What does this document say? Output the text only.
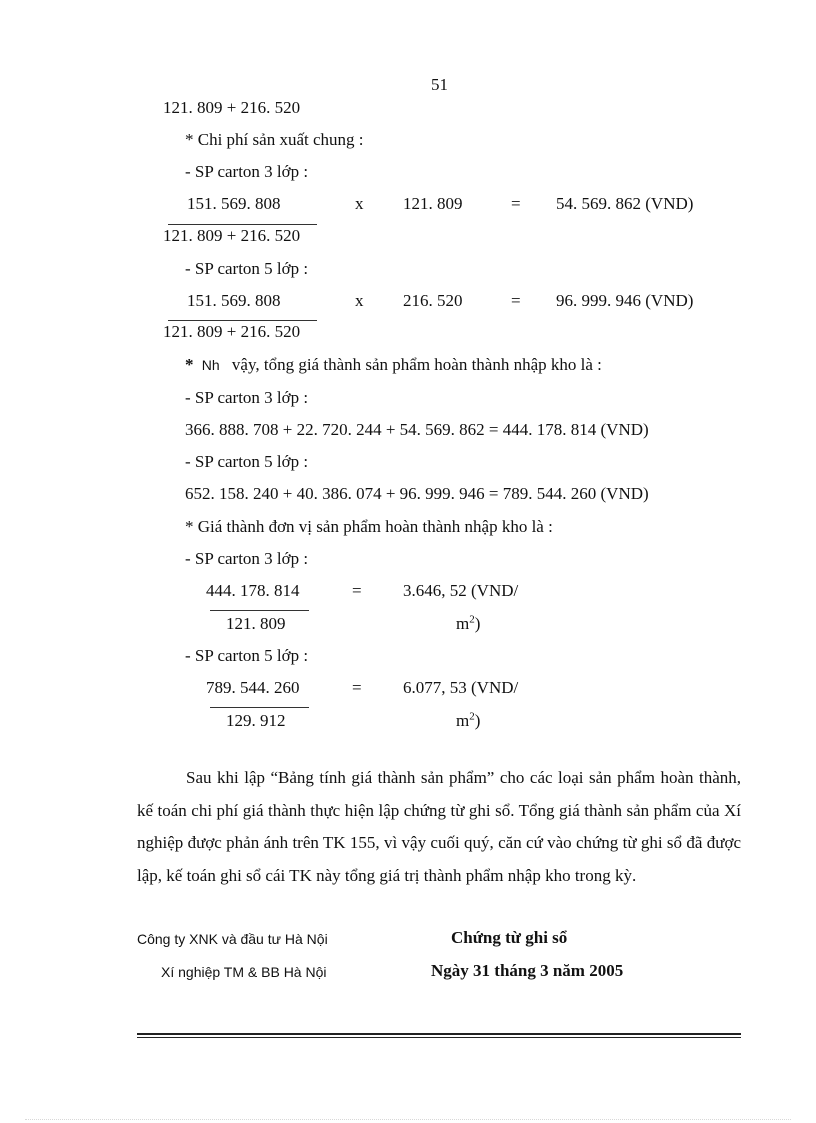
51
121. 809 + 216. 520
* Chi phí sản xuất chung :
- SP carton 3 lớp :
151. 569. 808	x 121. 809	= 54. 569. 862 (VND)
121. 809 + 216. 520
- SP carton 5 lớp :
151. 569. 808	x 216. 520	= 96. 999. 946 (VND)
121. 809 + 216. 520
* Nh vậy, tổng giá thành sản phẩm hoàn thành nhập kho là :
- SP carton 3 lớp :
366. 888. 708 + 22. 720. 244 + 54. 569. 862 = 444. 178. 814 (VND)
- SP carton 5 lớp :
652. 158. 240 + 40. 386. 074 + 96. 999. 946 = 789. 544. 260 (VND)
* Giá thành đơn vị sản phẩm hoàn thành nhập kho là :
- SP carton 3 lớp :
444. 178. 814	= 3.646, 52 (VND/
121. 809	$m^2$)
- SP carton 5 lớp :
789. 544. 260	= 6.077, 53 (VND/
129. 912	$m^2$)

Sau khi lập “Bảng tính giá thành sản phẩm” cho các loại sản phẩm hoàn thành, kế toán chi phí giá thành thực hiện lập chứng từ ghi sổ. Tổng giá thành sản phẩm của Xí nghiệp được phản ánh trên TK 155, vì vậy cuối quý, căn cứ vào chứng từ ghi sổ đã được lập, kế toán ghi sổ cái TK này tổng giá trị thành phẩm nhập kho trong kỳ.

Công ty XNK và đầu tư Hà Nội	Chứng từ ghi sổ
Xí nghiệp TM & BB Hà Nội	Ngày 31 tháng 3 năm 2005
